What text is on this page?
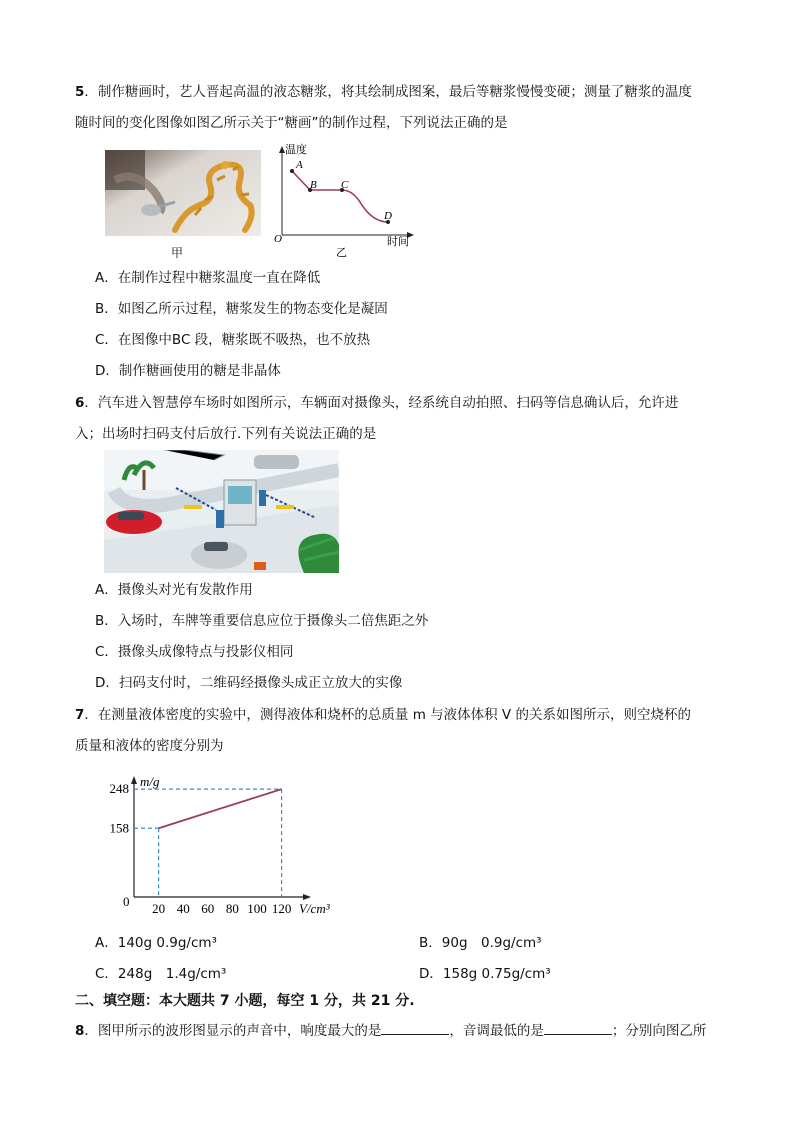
5．制作糖画时，艺人晋起高温的液态糖浆，将其绘制成图案，最后等糖浆慢慢变硬；测量了糖浆的温度
随时间的变化图像如图乙所示关于“糖画”的制作过程，下列说法正确的是
甲
温度
A
B C
D
O	时间
乙
A．在制作过程中糖浆温度一直在降低
B．如图乙所示过程，糖浆发生的物态变化是凝固
C．在图像中BC 段，糖浆既不吸热，也不放热
D．制作糖画使用的糖是非晶体
6．汽车进入智慧停车场时如图所示，车辆面对摄像头，经系统自动拍照、扫码等信息确认后，允许进
入；出场时扫码支付后放行.下列有关说法正确的是
A．摄像头对光有发散作用
B．入场时，车牌等重要信息应位于摄像头二倍焦距之外
C．摄像头成像特点与投影仪相同
D．扫码支付时，二维码经摄像头成正立放大的实像
7．在测量液体密度的实验中，测得液体和烧杯的总质量 m 与液体体积 V 的关系如图所示，则空烧杯的
质量和液体的密度分别为
m/g
V/cm³
0
158
248
20 40 60 80 100 120
A．140g 0.9g/cm³	B．90g　0.9g/cm³
C．248g　1.4g/cm³	D．158g 0.75g/cm³
二、填空题：本大题共 7 小题，每空 1 分，共 21 分.
8．图甲所示的波形图显示的声音中，响度最大的是	，音调最低的是	；分别向图乙所
